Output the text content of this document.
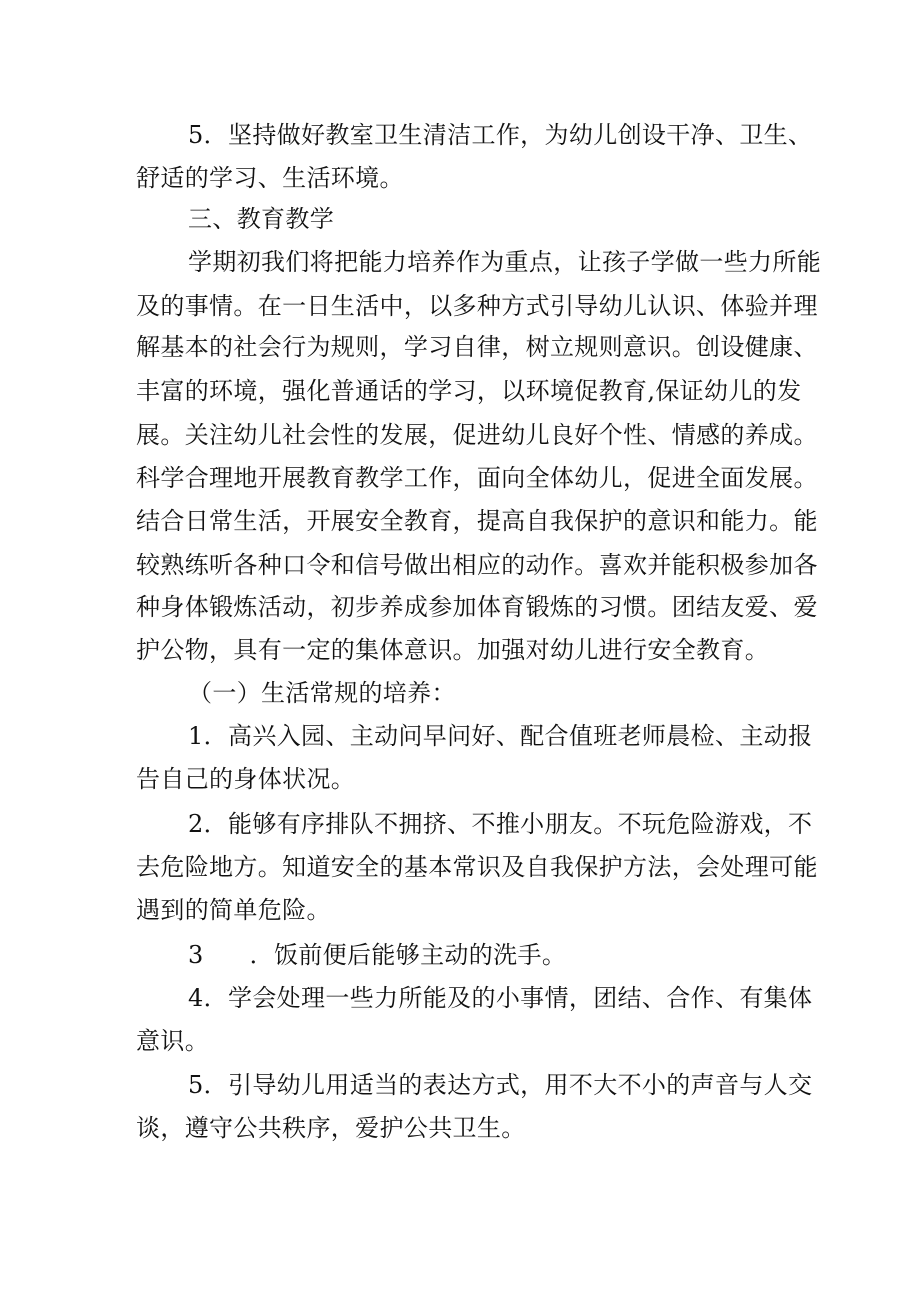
5．坚持做好教室卫生清洁工作，为幼儿创设干净、卫生、
舒适的学习、生活环境。
三、教育教学
学期初我们将把能力培养作为重点，让孩子学做一些力所能
及的事情。在一日生活中，以多种方式引导幼儿认识、体验并理
解基本的社会行为规则，学习自律，树立规则意识。创设健康、
丰富的环境，强化普通话的学习，以环境促教育,保证幼儿的发
展。关注幼儿社会性的发展，促进幼儿良好个性、情感的养成。
科学合理地开展教育教学工作，面向全体幼儿，促进全面发展。
结合日常生活，开展安全教育，提高自我保护的意识和能力。能
较熟练听各种口令和信号做出相应的动作。喜欢并能积极参加各
种身体锻炼活动，初步养成参加体育锻炼的习惯。团结友爱、爱
护公物，具有一定的集体意识。加强对幼儿进行安全教育。
（一）生活常规的培养：
1．高兴入园、主动问早问好、配合值班老师晨检、主动报
告自己的身体状况。
2．能够有序排队不拥挤、不推小朋友。不玩危险游戏，不
去危险地方。知道安全的基本常识及自我保护方法，会处理可能
遇到的简单危险。
3 ．饭前便后能够主动的洗手。
4．学会处理一些力所能及的小事情，团结、合作、有集体
意识。
5．引导幼儿用适当的表达方式，用不大不小的声音与人交
谈，遵守公共秩序，爱护公共卫生。
